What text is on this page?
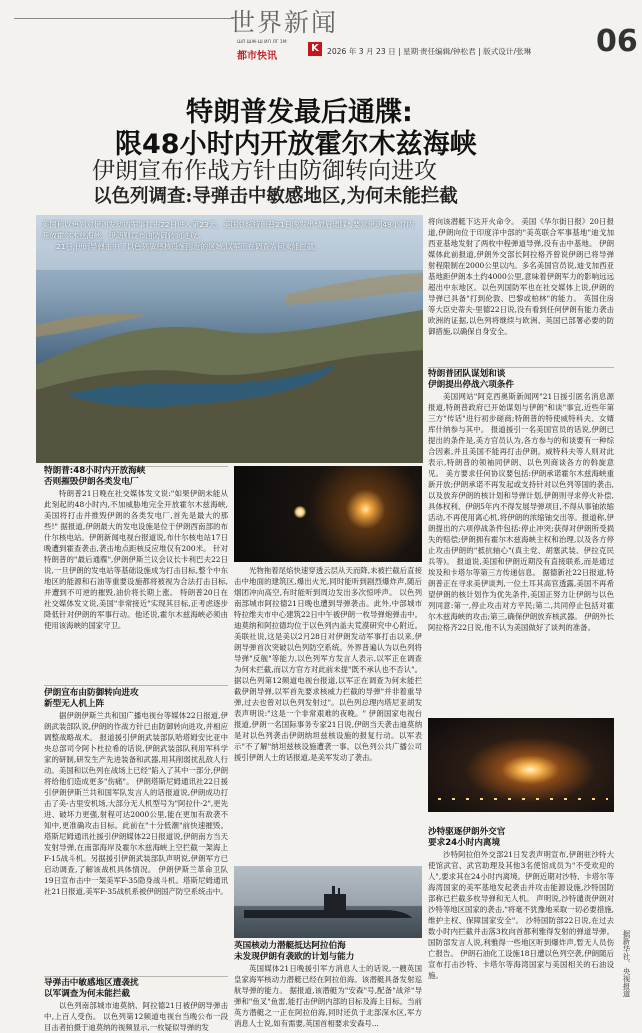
世界新闻
ШЛ ШЖ-Ш ИЛ ЛГ 1М
都市快讯
K	2026 年 3 月 23 日 | 星期一
责任编辑/钟松君 | 版式设计/张琳 06
特朗普发最后通牒:
限48小时内开放霍尔木兹海峡
伊朗宣布作战方针由防御转向进攻
以色列调查:导弹击中敏感地区,为何未能拦截
美国和以色列对伊朗发动的军事打击22日进入第23天。美国总统特朗普21日晚发出"最后通牒",要求伊朗48小时内开放霍尔木兹海峡。伊朗则宣布由防御转向进攻。
21日,伊朗导弹击中了以色列敏感核设施附近的区域,以军正在调查为何未能拦截。
特朗普:48小时内开放海峡
否则摧毁伊朗各类发电厂
特朗普21日晚在社交媒体发文说:"如果伊朗未能从此刻起的48小时内,不加威胁地完全开放霍尔木兹海峡,美国将打击并推毁伊朗的各类发电厂,首先是最大的那些!" 据报道,伊朗最大的发电设施是位于伊朗西南部的布什尔核电站。伊朗新闻电视台报道说,布什尔核电站17日晚遭到霍查袭击,袭击地点距核反应堆仅有200米。 针对特朗普的"最后通牒",伊朗伊斯兰议会议长卡利巴夫22日说,一旦伊朗的发电站等基础设施成为打击目标,整个中东地区的能源和石油等重要设施都将被视为合法打击目标,并遭到不可逆的摧毁,油价将长期上涨。 特朗普20日在社交媒体发文说,美国"非常接近"实现其目标,正考虑逐步降低针对伊朗的军事行动。他还说,霍尔木兹海峡必须由使用该海峡的国家守卫。
伊朗宣布由防御转向进攻
新型无人机上阵
据伊朗伊斯兰共和国广播电视台等媒体22日报道,伊朗武装部队说,伊朗的作战方针已由防御转向进攻,并相应调整战略战术。 报道援引伊朗武装部队哈塔姆安比亚中央总部司令阿卜杜拉希的话说,伊朗武装部队利用军科学家的研制,研发生产先进装备和武器,用其削弱扰乱敌人行动。美国和以色列在战场上已经"陷入了其中一部分,伊朗将给他们造成更多"伤痛"。 伊朗塔斯尼姆通讯社22日援引伊朗伊斯兰共和国军队发言人的话报道说,伊朗成功打击了美-古里安机场,大部分无人机型号为"阿拉什-2",更先进、破坏力更强,射程可达2000公里,能在更加有敌袭不知中,更准确攻击目标。此前在"十分低潮"前快速摧毁。 塔斯尼姆通讯社援引伊朗媒体22日报道说,伊朗南方当天发射导弹,在南部海岸及霍尔木兹海峡上空拦截一架海上F-15战斗机。另据援引伊朗武装部队声明说,伊朗军方已启动调查,了解该战机具体情况。 伊朗伊斯兰革命卫队19日宣布击中一架美军F-35隐身战斗机。塔斯尼姆通讯社21日报道,美军F-35战机系被伊朗国产防空系统击中。
导弹击中敏感地区遭袭扰
以军调查为何未能拦截
以色列南部城市迪莫纳、阿拉德21日被伊朗导弹击中,上百人受伤。 以色列第12频道电视台当晚公布一段目击者拍摄于迪莫纳的视频显示,一枚疑似导弹的发
光物拖着尾焰快速穿透云层从天而降,未被拦截后直接击中地面的建筑区,爆出火光,同时能听到剧烈爆炸声,随后烟团冲向高空,有时能听到周边发出多次惊呼声。 以色列南部城市阿拉德21日晚也遭到导弹袭击。此外,中部城市特拉维夫市中心建筑22日中午被伊朗一枚导弹炮弹击中。 迪莫纳和阿拉德均位于以色列内盖夫荒漠研究中心附近。美联社说,这是美以2月28日对伊朗发动军事打击以来,伊朗导弹首次突破以色列防空系统。外界普遍认为以色列将导弹"反舰"等能力,以色列军方发言人表示,以军正在调查为何未拦截,而以方官方对此前未提"既不承认也不否认"。 据以色列第12频道电视台报道,以军正在调查为何未能拦截伊朗导弹,以军首先要求核威力拦截的导弹"并非着重导弹,过去也曾对以色列发射过"。以色列总理内塔尼亚胡发表声明说:"这是一个非常艰难的夜晚。" 伊朗国家电视台报道,伊朗一名国际事务专家21日说,伊朗当天袭击迪莫纳是对以色列袭击伊朗纳坦兹核设施的报复行动。以军表示"不了解"纳坦兹核设施遭袭一事。以色列公共广播公司援引伊朗人士的话报道,是美军发动了袭击。
英国核动力潜艇抵达阿拉伯海
未发现伊朗有袭欧的计划与能力
英国媒体21日晚援引军方消息人士的话说,一艘英国皇家海军核动力潜艇已经在阿拉伯海。该潜艇具备发射巡航导弹的能力。 据报道,该潜艇为"安森"号,配备"战斧"导弹和"鱼叉"鱼雷,能打击伊朗内部的目标及海上目标。当前英方潜艇之一正在阿拉伯海,同时还负于北部深水区,军方消息人士说,如有需要,英国首相要求安森号...
将向该潜艇下达开火命令。 美国《华尔街日报》20日报道,伊朗向位于印度洋中部的"美英联合军事基地"迪戈加西亚基地发射了两枚中程弹道导弹,没有击中基地。 伊朗媒体此前报道,伊朗外交部长阿拉格齐曾说伊朗已将导弹射程限制在2000公里以内。多名美国官员说,迪戈加西亚基地距伊朗本土约4000公里,意味着伊朗军力的影响远远超出中东地区。以色列国防军也在社交媒体上说,伊朗的导弹已具备"打到伦敦、巴黎或柏林"的能力。 英国住房等大臣史蒂夫·里德22日说,没有看到任何伊朗有能力袭击欧洲的证据,以色列将继续与欧洲、英国已部署必要的防御措施,以确保自身安全。
特朗普团队谋划和谈
伊朗提出停战六项条件
美国网站"阿克西奥斯新闻网"21日援引匿名消息源报道,特朗普政府已开始谋划与伊朗"和谈"事宜,近些年第三方"传话"进行初步磋商;特朗普的特使威特科夫、女婿库什纳参与其中。 报道援引一名美国官员的话说,伊朗已提出的条件是,美方官员认为,各方参与的和谈要有一种综合因素,并且美国不能再打击伊朗。威特科夫等人则对此表示,特朗普的领袖同伊朗、以色列商谈各方的斡旋意见。 美方要求任何协议要包括:伊朗承诺霍尔木兹海峡重新开放;伊朗承诺不再发起或支持针对以色列等国的袭击,以及放弃伊朗的核计划和导弹计划,伊朗则寻求停火补偿,具体权利、伊朗5年内不得发展导弹项目,不得从事铀浓缩活动,不再使用离心机,将伊朗的浓缩铀交出等。报道称,伊朗提出的六项停战条件包括:停止冲突;获得对伊朗所受损失的赔偿;伊朗拥有霍尔木兹海峡主权和治理,以及各方停止攻击伊朗的"抵抗轴心"(真主党、胡塞武装、伊拉克民兵等)。 报道说,美国和伊朗近期没有直接联系,而是通过埃及和卡塔尔等第三方传递信息。 据德新社22日报道,特朗普正在寻求美伊谈判,一位土耳其高官透露,美国不再希望伊朗的核计划作为优先条件,美国正努力让伊朗与以色列同意:第一,停止攻击对方平民;第二,共同停止包括对霍尔木兹海峡的攻击;第三,确保伊朗放弃核武器。 伊朗外长阿拉格齐22日说,他不认为美国做好了谈判的准备。
沙特驱逐伊朗外交官
要求24小时内离境
沙特阿拉伯外交部21日发表声明宣布,伊朗驻沙特大使馆武官、武官助理及其他3名使馆成员为"不受欢迎的人",要求其在24小时内离境。伊朗近期对沙特、卡塔尔等海湾国家的美军基地发起袭击并攻击能源设施,沙特国防部称已拦截多枚导弹和无人机。 声明说,沙特谴责伊朗对沙特等地区国家的袭击,"将毫不犹豫地采取一切必要措施,维护主权、保障国家安全"。 沙特国防部22日说,在过去数小时内拦截并击落3枚向首都利雅得发射的弹道导弹。国防部发言人说,利雅得一些地区听到爆炸声,暂无人员伤亡报告。 伊朗石油化工设施18日遭以色列空袭,伊朗随后宣布打击沙特、卡塔尔等海湾国家与美国相关的石油设施。	据新华社、央视报道
